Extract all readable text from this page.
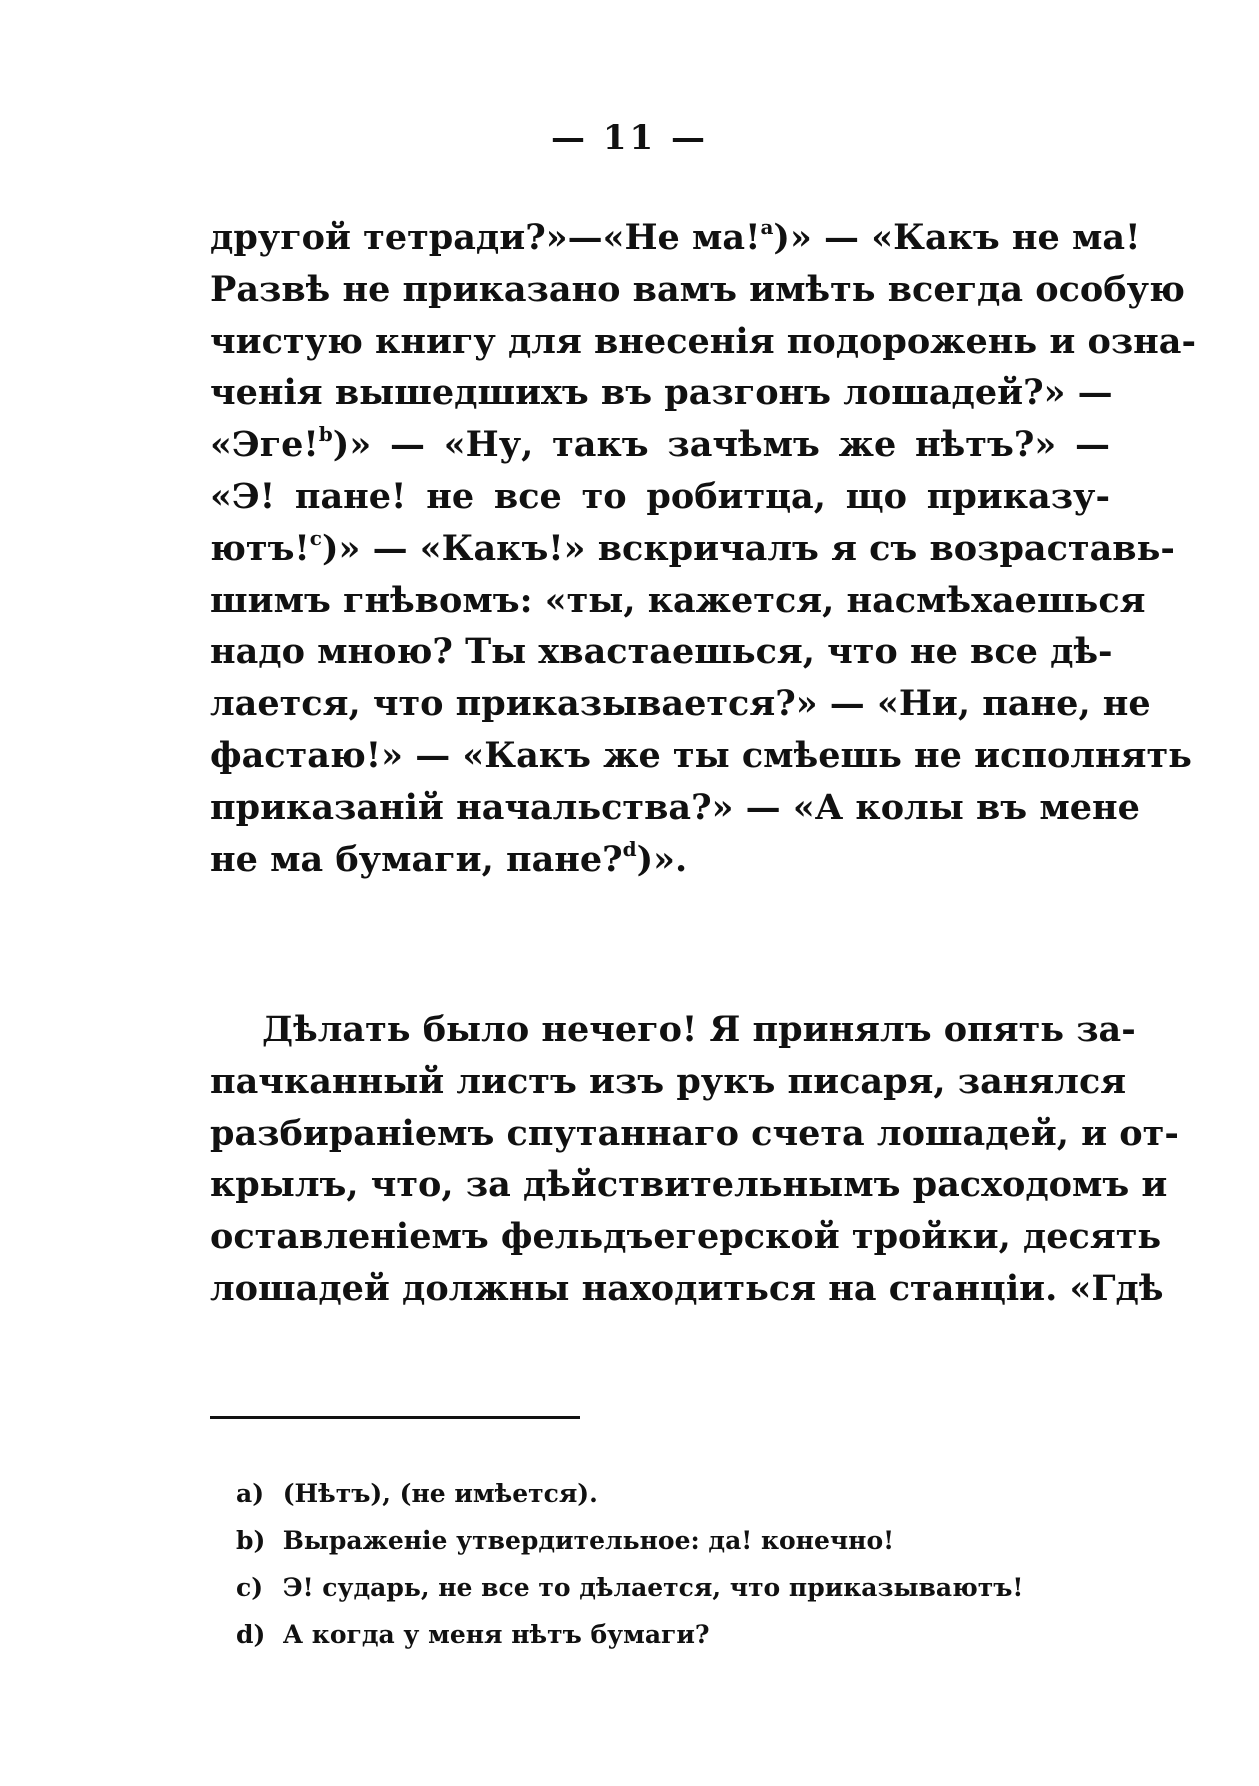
— 11 —
другой тетради?»—«Не ма!$^a$)» — «Какъ не ма!
Развѣ не приказано вамъ имѣть всегда особую
чистую книгу для внесенія подорожень и озна-
ченія вышедшихъ въ разгонъ лошадей?» —
«Эге!$^b$)» — «Ну, такъ зачѣмъ же нѣтъ?» —
«Э! пане! не все то робитца, що приказу-
ютъ!$^c$)» — «Какъ!» вскричалъ я съ возраставь-
шимъ гнѣвомъ: «ты, кажется, насмѣхаешься
надо мною? Ты хвастаешься, что не все дѣ-
лается, что приказывается?» — «Ни, пане, не
фастаю!» — «Какъ же ты смѣешь не исполнять
приказаній начальства?» — «А колы въ мене
не ма бумаги, пане?$^d$)».
Дѣлать было нечего! Я принялъ опять за-
пачканный листъ изъ рукъ писаря, занялся
разбираніемъ спутаннаго счета лошадей, и от-
крылъ, что, за дѣйствительнымъ расходомъ и
оставленіемъ фельдъегерской тройки, десять
лошадей должны находиться на станціи. «Гдѣ
a) (Нѣтъ), (не имѣется).
b) Выраженіе утвердительное: да! конечно!
c) Э! сударь, не все то дѣлается, что приказываютъ!
d) А когда у меня нѣтъ бумаги?
